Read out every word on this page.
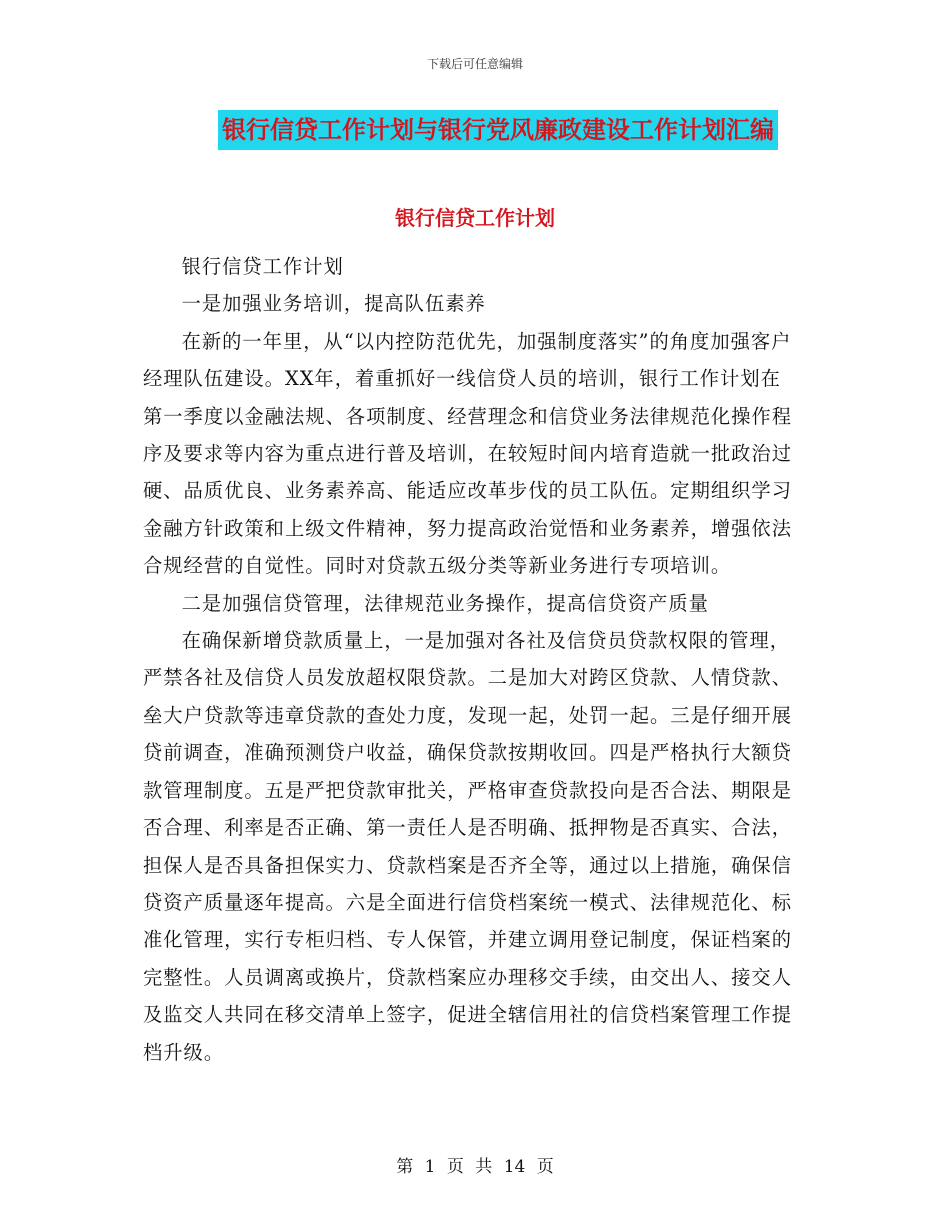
下载后可任意编辑
银行信贷工作计划与银行党风廉政建设工作计划汇编
银行信贷工作计划

银行信贷工作计划

一是加强业务培训，提高队伍素养

在新的一年里，从“以内控防范优先，加强制度落实”的角度加强客户经理队伍建设。XX年，着重抓好一线信贷人员的培训，银行工作计划在第一季度以金融法规、各项制度、经营理念和信贷业务法律规范化操作程序及要求等内容为重点进行普及培训，在较短时间内培育造就一批政治过硬、品质优良、业务素养高、能适应改革步伐的员工队伍。定期组织学习金融方针政策和上级文件精神，努力提高政治觉悟和业务素养，增强依法合规经营的自觉性。同时对贷款五级分类等新业务进行专项培训。

二是加强信贷管理，法律规范业务操作，提高信贷资产质量

在确保新增贷款质量上，一是加强对各社及信贷员贷款权限的管理，严禁各社及信贷人员发放超权限贷款。二是加大对跨区贷款、人情贷款、垒大户贷款等违章贷款的查处力度，发现一起，处罚一起。三是仔细开展贷前调查，准确预测贷户收益，确保贷款按期收回。四是严格执行大额贷款管理制度。五是严把贷款审批关，严格审查贷款投向是否合法、期限是否合理、利率是否正确、第一责任人是否明确、抵押物是否真实、合法，担保人是否具备担保实力、贷款档案是否齐全等，通过以上措施，确保信贷资产质量逐年提高。六是全面进行信贷档案统一模式、法律规范化、标准化管理，实行专柜归档、专人保管，并建立调用登记制度，保证档案的完整性。人员调离或换片，贷款档案应办理移交手续，由交出人、接交人及监交人共同在移交清单上签字，促进全辖信用社的信贷档案管理工作提档升级。

第 1 页 共 14 页
